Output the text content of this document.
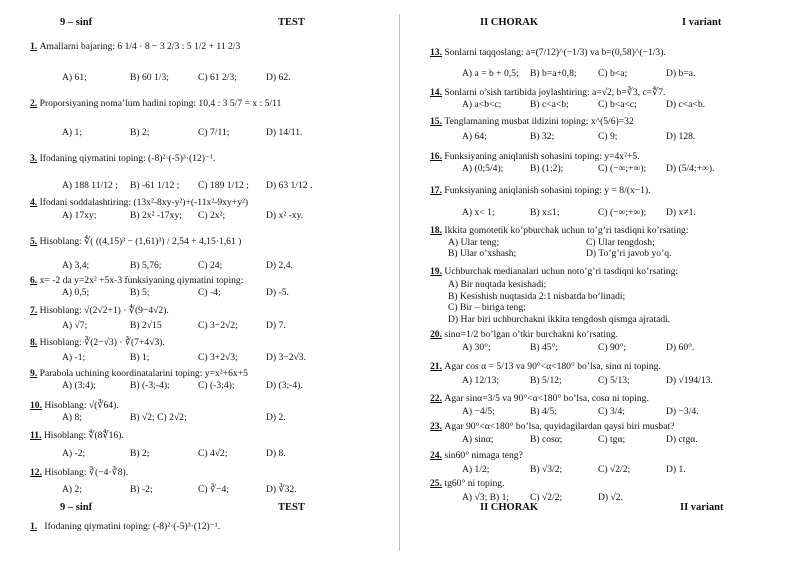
9 – sinf	TEST
1. Amallarni bajaring: 6 1/4 · 8 − 3 2/3 : 5 1/2 + 11 2/3
A) 61;	B) 60 1/3;	C) 61 2/3;	D) 62.
2. Proporsiyaning noma’lum hadini toping: 10,4 : 3 5/7 = x : 5/11
A) 1;	B) 2;	C) 7/11;	D) 14/11.
3. Ifodaning qiymatini toping: (-8)²·(-5)³·(12)⁻¹.
A) 188 11/12 ; B) -61 1/12 ; C) 189 1/12 ; D) 63 1/12 .
4. Ifodani soddalashtiring: (13x²-8xy-y²)+(-11x²-9xy+y²)
A) 17xy;	B) 2x² -17xy; C) 2x²;	D) x² -xy.
5. Hisoblang: ∜( ((4,15)³ − (1,61)³) / 2,54 + 4,15·1,61 )
A) 3,4;	B) 5,76;	C) 24;	D) 2,4.
6. x= -2 da y=2x² +5x-3 funksiyaning qiymatini toping:
A) 0,5;	B) 5;	C) -4;	D) -5.
7. Hisoblang: √(2√2+1) · ∜(9−4√2).
A) √7;	B) 2√15	C) 3−2√2;	D) 7.
8. Hisoblang: ∛(2−√3) · ∛(7+4√3).
A) -1;	B) 1;	C) 3+2√3;	D) 3−2√3.
9. Parabola uchining koordinatalarini toping: y=x²+6x+5
A) (3;4);	B) (-3;-4);	C) (-3;4);	D) (3;-4).
10. Hisoblang: √(∛64).
A) 8;	B) √2; C) 2√2;	D) 2.
11. Hisoblang: ∜(8∜16).
A) -2;	B) 2;	C) 4√2;	D) 8.
12. Hisoblang: ∛(−4·∛8).
A) 2;	B) -2;	C) ∛−4;	D) ∛32.
9 – sinf	TEST
1. Ifodaning qiymatini toping: (-8)²·(-5)³·(12)⁻¹.
II CHORAK	I variant
13. Sonlarni taqqoslang: a=(7/12)^(−1/3) va b=(0,58)^(−1/3).
A) a = b + 0,5; B) b=a+0,8; C) b<a;	D) b=a.
14. Sonlarni o’sish tartibida joylashtiring: a=√2, b=∛3, c=∜7.
A) a<b<c;	B) c<a<b;	C) b<a<c;	D) c<a<b.
15. Tenglamaning musbat ildizini toping: x^(5/6)=32
A) 64;	B) 32;	C) 9;	D) 128.
16. Funksiyaning aniqlanish sohasini toping: y=4x²+5.
A) (0;5/4);	B) (1;2);	C) (−∞;+∞); D) (5/4;+∞).
17. Funksiyaning aniqlanish sohasini toping: y = 8/(x−1).
A) x< 1;	B) x≤1;	C) (−∞;+∞); D) x≠1.
18. Ikkita gomotetik ko’pburchak uchun to’g’ri tasdiqni ko’rsating:
A) Ular teng;	C) Ular tengdosh;
B) Ular o’xshash;	D) To’g’ri javob yo’q.
19. Uchburchak medianalari uchun noto’g’ri tasdiqni ko’rsating:
A) Bir nuqtada kesishadi;
B) Kesishish nuqtasida 2:1 nisbatda bo’linadi;
C) Bir – biriga teng;
D) Har biri uchburchakni ikkita tengdosh qismga ajratadi.
20. sinα=1/2 bo’lgan o’tkir burchakni ko’rsating.
A) 30°;	B) 45°;	C) 90°;	D) 60°.
21. Agar cos α = 5/13 va 90°<α<180° bo’lsa, sinα ni toping.
A) 12/13;	B) 5/12;	C) 5/13;	D) √194/13.
22. Agar sinα=3/5 va 90°<α<180° bo’lsa, cosα ni toping.
A) −4/5;	B) 4/5;	C) 3/4;	D) −3/4.
23. Agar 90°<α<180° bo’lsa, quyidagilardan qaysi biri musbat?
A) sinα;	B) cosα;	C) tgα;	D) ctgα.
24. sin60° nimaga teng?
A) 1/2;	B) √3/2;	C) √2/2;	D) 1.
25. tg60° ni toping.
A) √3; B) 1; C) √2/2;	D) √2.
II CHORAK	II variant
